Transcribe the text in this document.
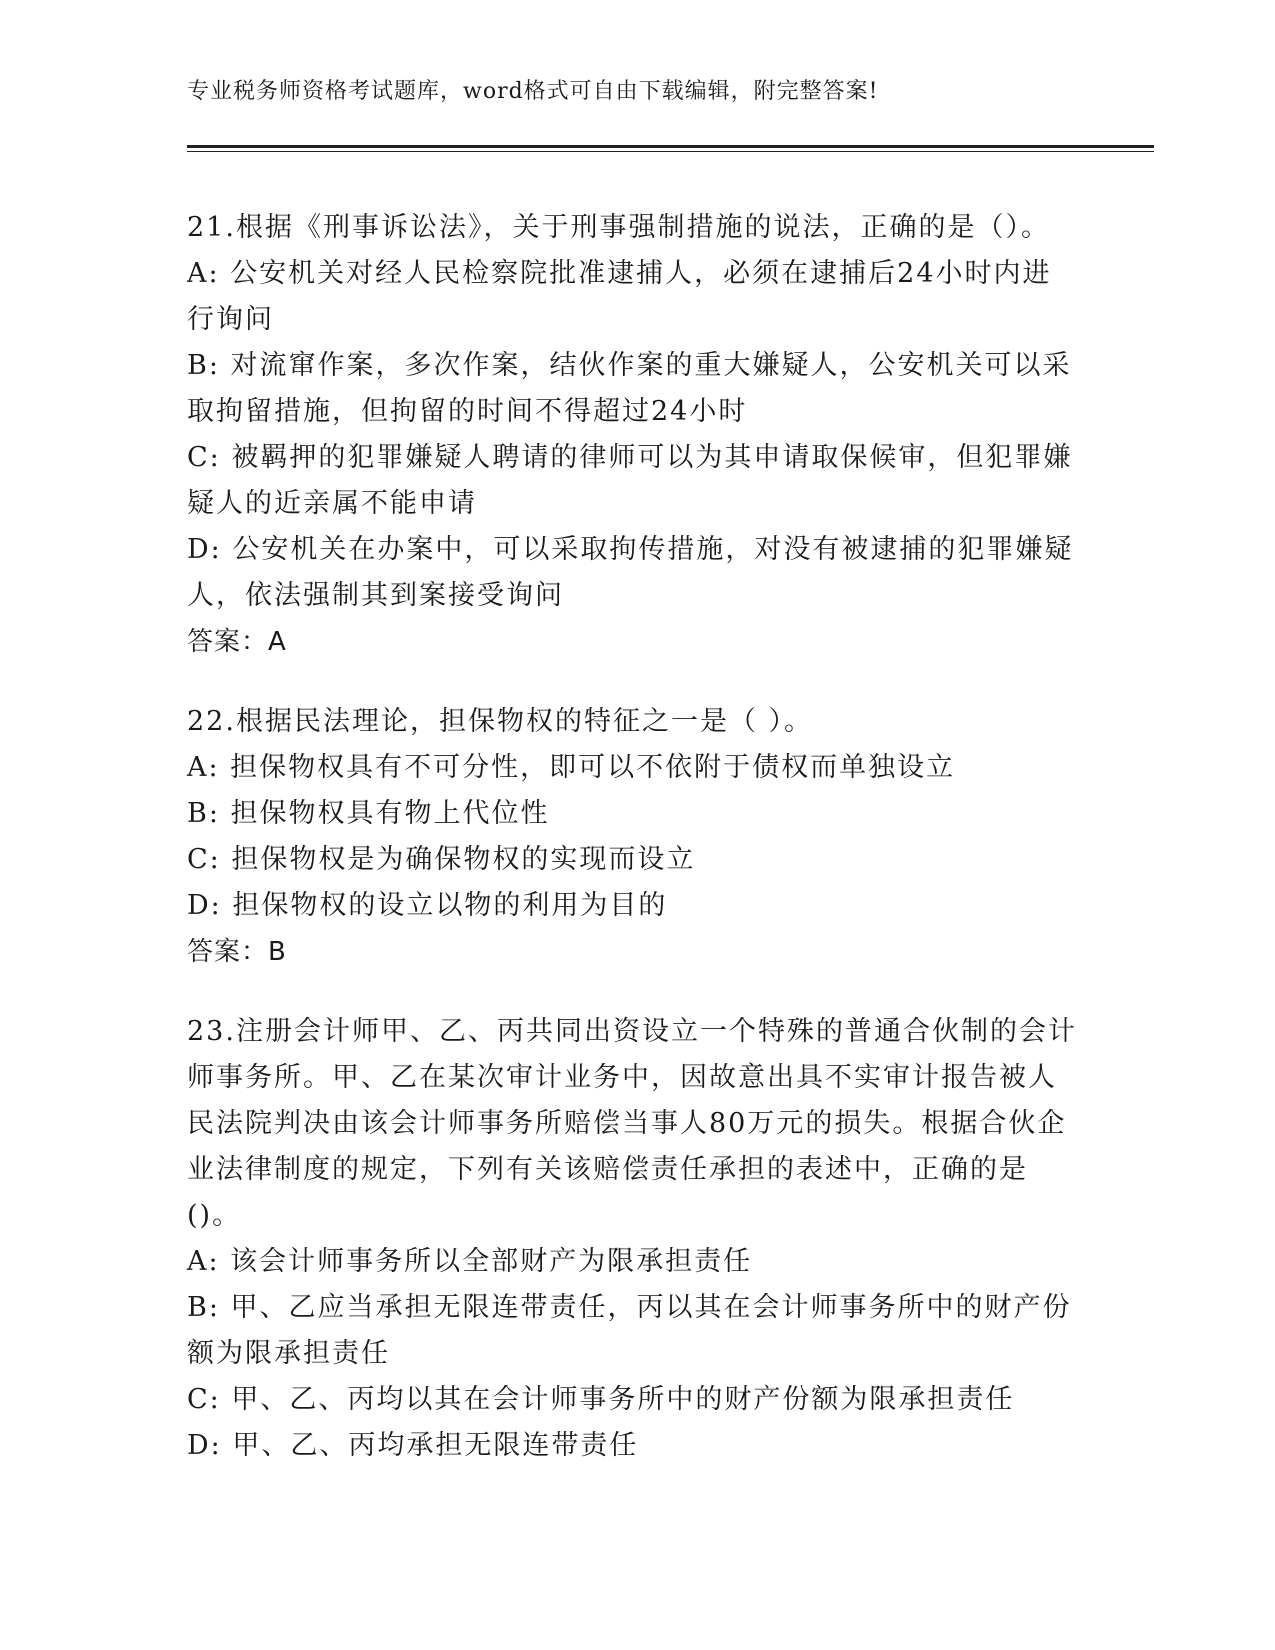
专业税务师资格考试题库，word格式可自由下载编辑，附完整答案!
21.根据《刑事诉讼法》，关于刑事强制措施的说法，正确的是（）。
A: 公安机关对经人民检察院批准逮捕人，必须在逮捕后24小时内进行询问
B: 对流窜作案，多次作案，结伙作案的重大嫌疑人，公安机关可以采取拘留措施，但拘留的时间不得超过24小时
C: 被羁押的犯罪嫌疑人聘请的律师可以为其申请取保候审，但犯罪嫌疑人的近亲属不能申请
D: 公安机关在办案中，可以采取拘传措施，对没有被逮捕的犯罪嫌疑人，依法强制其到案接受询问
答案：A
22.根据民法理论，担保物权的特征之一是（ ）。
A: 担保物权具有不可分性，即可以不依附于债权而单独设立
B: 担保物权具有物上代位性
C: 担保物权是为确保物权的实现而设立
D: 担保物权的设立以物的利用为目的
答案：B
23.注册会计师甲、乙、丙共同出资设立一个特殊的普通合伙制的会计师事务所。甲、乙在某次审计业务中，因故意出具不实审计报告被人民法院判决由该会计师事务所赔偿当事人80万元的损失。根据合伙企业法律制度的规定，下列有关该赔偿责任承担的表述中，正确的是()。
A: 该会计师事务所以全部财产为限承担责任
B: 甲、乙应当承担无限连带责任，丙以其在会计师事务所中的财产份额为限承担责任
C: 甲、乙、丙均以其在会计师事务所中的财产份额为限承担责任
D: 甲、乙、丙均承担无限连带责任
